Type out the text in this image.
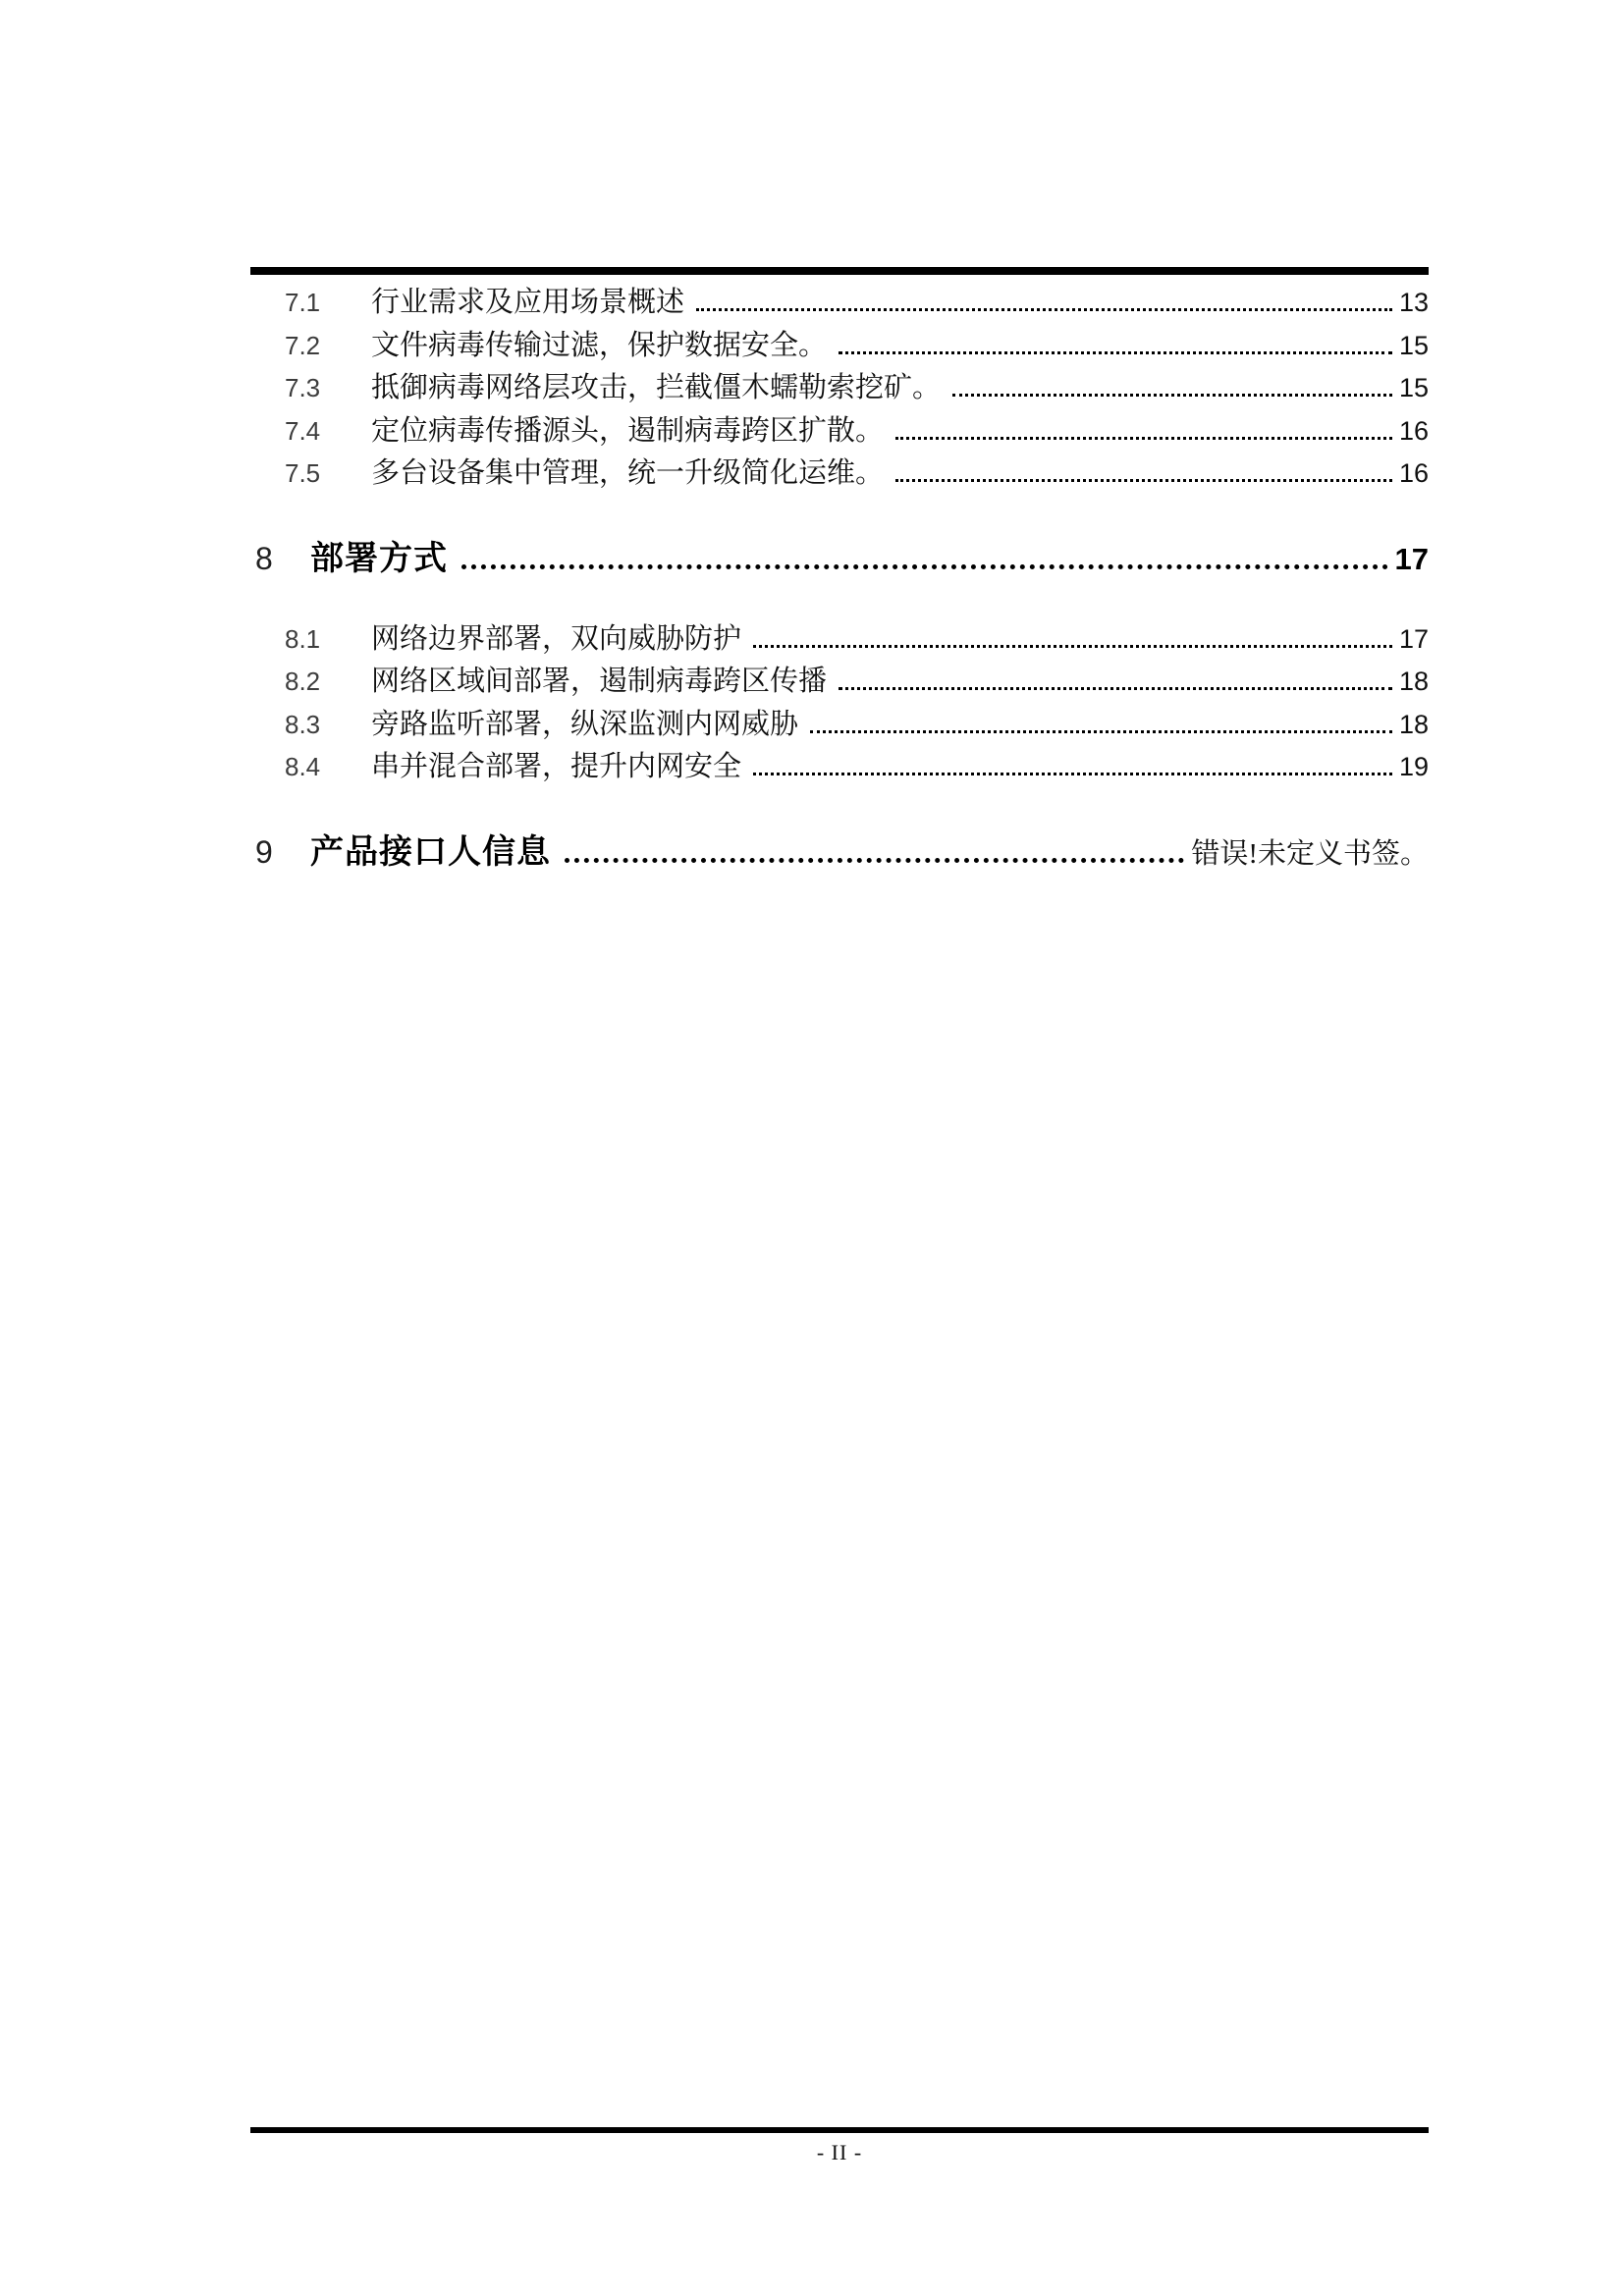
7.1	行业需求及应用场景概述	13
7.2	文件病毒传输过滤，保护数据安全。	15
7.3	抵御病毒网络层攻击，拦截僵木蠕勒索挖矿。	15
7.4	定位病毒传播源头，遏制病毒跨区扩散。	16
7.5	多台设备集中管理，统一升级简化运维。	16
8	部署方式	17
8.1	网络边界部署，双向威胁防护	17
8.2	网络区域间部署，遏制病毒跨区传播	18
8.3	旁路监听部署，纵深监测内网威胁	18
8.4	串并混合部署，提升内网安全	19
9	产品接口人信息	错误!未定义书签。
- II -
